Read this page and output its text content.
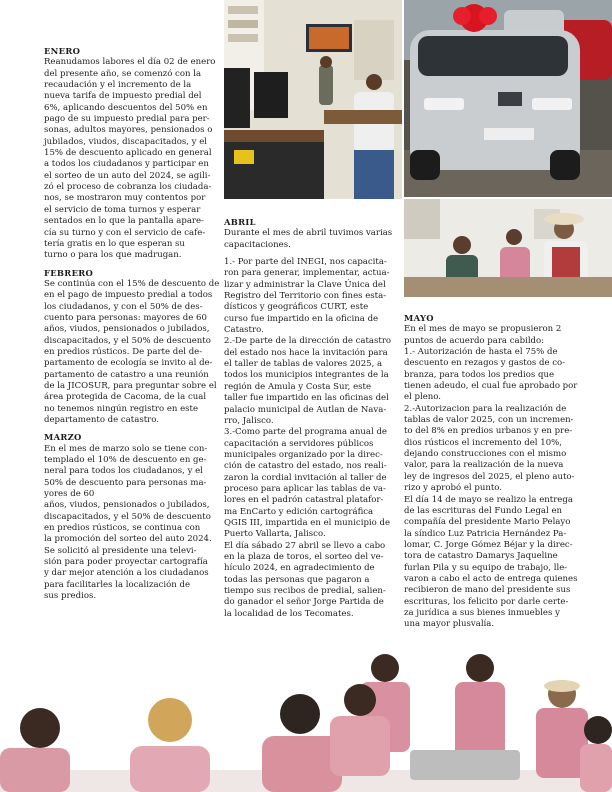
ENERO

Reanudamos labores el día 02 de enero
del presente año, se comenzó con la
recaudación y el incremento de la
nueva tarifa de impuesto predial del
6%, aplicando descuentos del 50% en
pago de su impuesto predial para per-
sonas, adultos mayores, pensionados o
jubilados, viudos, discapacitados, y el
15% de descuento aplicado en general
a todos los ciudadanos y participar en
el sorteo de un auto del 2024, se agili-
zó el proceso de cobranza los ciudada-
nos, se mostraron muy contentos por
el servicio de toma turnos y esperar
sentados en lo que la pantalla apare-
cía su turno y con el servicio de cafe-
tería gratis en lo que esperan su
turno o para los que madrugan.

FEBRERO

Se continúa con el 15% de descuento de
en el pago de impuesto predial a todos
los ciudadanos, y con el 50% de des-
cuento para personas: mayores de 60
años, viudos, pensionados o jubilados,
discapacitados, y el 50% de descuento
en predios rústicos. De parte del de-
partamento de ecología se invito al de-
partamento de catastro a una reunión
de la JICOSUR, para preguntar sobre el
área protegida de Cacoma, de la cual
no tenemos ningún registro en este
departamento de catastro.

MARZO

En el mes de marzo solo se tiene con-
templado el 10% de descuento en ge-
neral para todos los ciudadanos, y el
50% de descuento para personas ma-
yores de 60
años, viudos, pensionados o jubilados,
discapacitados, y el 50% de descuento
en predios rústicos, se continua con
la promoción del sorteo del auto 2024.
Se solicitó al presidente una televi-
sión para poder proyectar cartografía
y dar mejor atención a los ciudadanos
para facilitarles la localización de
sus predios.

ABRIL

Durante el mes de abril tuvimos varias
capacitaciones.

1.- Por parte del INEGI, nos capacita-
ron para generar, implementar, actua-
lizar y administrar la Clave Única del
Registro del Territorio con fines esta-
dísticos y geográficos CURT, este
curso fue impartido en la oficina de
Catastro.
2.-De parte de la dirección de catastro
del estado nos hace la invitación para
el taller de tablas de valores 2025, a
todos los municipios integrantes de la
región de Amula y Costa Sur, este
taller fue impartido en las oficinas del
palacio municipal de Autlan de Nava-
rro, Jalisco.
3.-Como parte del programa anual de
capacitación a servidores públicos
municipales organizado por la direc-
ción de catastro del estado, nos reali-
zaron la cordial invitación al taller de
proceso para aplicar las tablas de va-
lores en el padrón catastral platafor-
ma EnCarto y edición cartográfica
QGIS III, impartida en el municipio de
Puerto Vallarta, Jalisco.
El día sábado 27 abril se llevo a cabo
en la plaza de toros, el sorteo del ve-
hículo 2024, en agradecimiento de
todas las personas que pagaron a
tiempo sus recibos de predial, salien-
do ganador el señor Jorge Partida de
la localidad de los Tecomates.

MAYO

En el mes de mayo se propusieron 2
puntos de acuerdo para cabildo:
1.- Autorización de hasta el 75% de
descuento en rezagos y gastos de co-
branza, para todos los predios que
tienen adeudo, el cual fue aprobado por
el pleno.
2.-Autorizacion para la realización de
tablas de valor 2025, con un incremen-
to del 8% en predios urbanos y en pre-
dios rústicos el incremento del 10%,
dejando construcciones con el mismo
valor, para la realización de la nueva
ley de ingresos del 2025, el pleno auto-
rizo y aprobó el punto.
El día 14 de mayo se realizo la entrega
de las escrituras del Fundo Legal en
compañía del presidente Mario Pelayo
la síndico Luz Patricia Hernández Pa-
lomar, C. Jorge Gómez Béjar y la direc-
tora de catastro Damarys Jaqueline
furlan Pila y su equipo de trabajo, lle-
varon a cabo el acto de entrega quienes
recibieron de mano del presidente sus
escrituras, los felicito por darle certe-
za jurídica a sus bienes inmuebles y
una mayor plusvalía.
